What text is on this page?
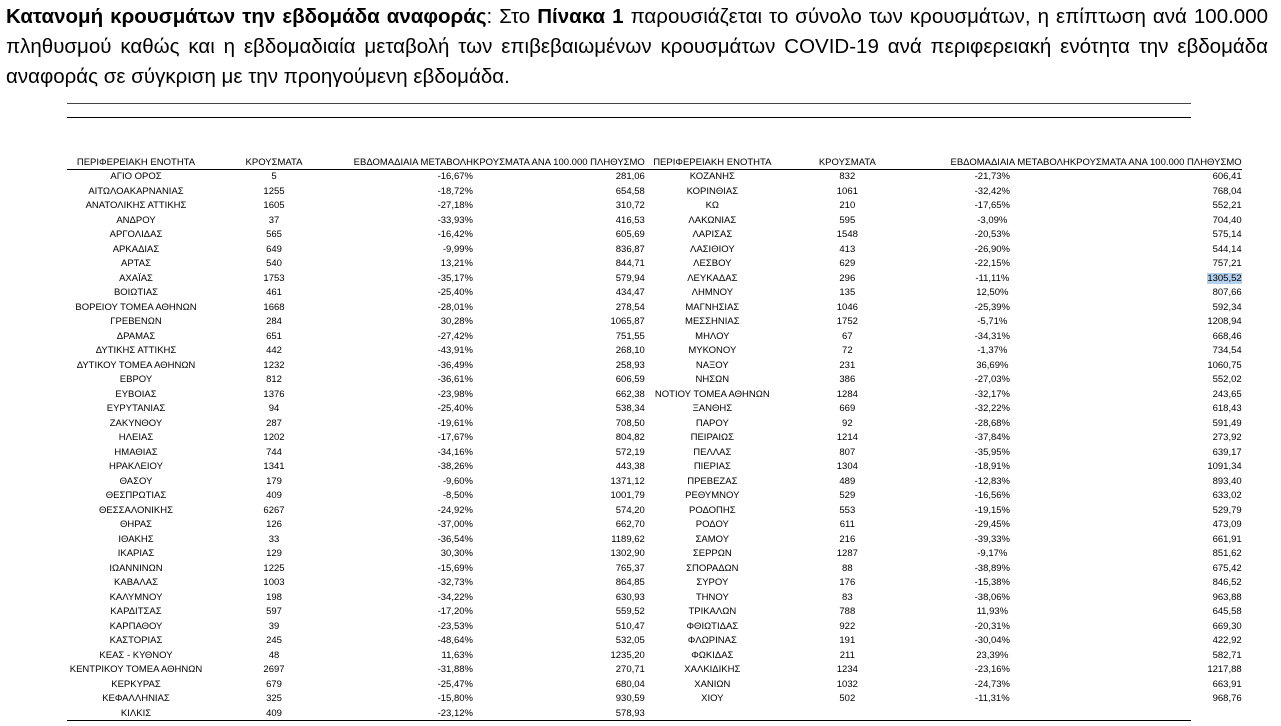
Κατανομή κρουσμάτων την εβδομάδα αναφοράς: Στο Πίνακα 1 παρουσιάζεται το σύνολο των κρουσμάτων, η επίπτωση ανά 100.000 πληθυσμού καθώς και η εβδομαδιαία μεταβολή των επιβεβαιωμένων κρουσμάτων COVID-19 ανά περιφερειακή ενότητα την εβδομάδα αναφοράς σε σύγκριση με την προηγούμενη εβδομάδα.
ΠΕΡΙΦΕΡΕΙΑΚΗ ΕΝΟΤΗΤΑ	ΚΡΟΥΣΜΑΤΑ	ΕΒΔΟΜΑΔΙΑΙΑ ΜΕΤΑΒΟΛΗ	ΚΡΟΥΣΜΑΤΑ ΑΝΑ 100.000 ΠΛΗΘΥΣΜΟ	ΠΕΡΙΦΕΡΕΙΑΚΗ ΕΝΟΤΗΤΑ	ΚΡΟΥΣΜΑΤΑ	ΕΒΔΟΜΑΔΙΑΙΑ ΜΕΤΑΒΟΛΗ	ΚΡΟΥΣΜΑΤΑ ΑΝΑ 100.000 ΠΛΗΘΥΣΜΟ
ΑΓΙΟ ΟΡΟΣ	5	-16,67%	281,06	ΚΟΖΑΝΗΣ	832	-21,73%	606,41
ΑΙΤΩΛΟΑΚΑΡΝΑΝΙΑΣ	1255	-18,72%	654,58	ΚΟΡΙΝΘΙΑΣ	1061	-32,42%	768,04
ΑΝΑΤΟΛΙΚΗΣ ΑΤΤΙΚΗΣ	1605	-27,18%	310,72	ΚΩ	210	-17,65%	552,21
ΑΝΔΡΟΥ	37	-33,93%	416,53	ΛΑΚΩΝΙΑΣ	595	-3,09%	704,40
ΑΡΓΟΛΙΔΑΣ	565	-16,42%	605,69	ΛΑΡΙΣΑΣ	1548	-20,53%	575,14
ΑΡΚΑΔΙΑΣ	649	-9,99%	836,87	ΛΑΣΙΘΙΟΥ	413	-26,90%	544,14
ΑΡΤΑΣ	540	13,21%	844,71	ΛΕΣΒΟΥ	629	-22,15%	757,21
ΑΧΑΪΑΣ	1753	-35,17%	579,94	ΛΕΥΚΑΔΑΣ	296	-11,11%	1305,52
ΒΟΙΩΤΙΑΣ	461	-25,40%	434,47	ΛΗΜΝΟΥ	135	12,50%	807,66
ΒΟΡΕΙΟΥ ΤΟΜΕΑ ΑΘΗΝΩΝ	1668	-28,01%	278,54	ΜΑΓΝΗΣΙΑΣ	1046	-25,39%	592,34
ΓΡΕΒΕΝΩΝ	284	30,28%	1065,87	ΜΕΣΣΗΝΙΑΣ	1752	-5,71%	1208,94
ΔΡΑΜΑΣ	651	-27,42%	751,55	ΜΗΛΟΥ	67	-34,31%	668,46
ΔΥΤΙΚΗΣ ΑΤΤΙΚΗΣ	442	-43,91%	268,10	ΜΥΚΟΝΟΥ	72	-1,37%	734,54
ΔΥΤΙΚΟΥ ΤΟΜΕΑ ΑΘΗΝΩΝ	1232	-36,49%	258,93	ΝΑΞΟΥ	231	36,69%	1060,75
ΕΒΡΟΥ	812	-36,61%	606,59	ΝΗΣΩΝ	386	-27,03%	552,02
ΕΥΒΟΙΑΣ	1376	-23,98%	662,38	ΝΟΤΙΟΥ ΤΟΜΕΑ ΑΘΗΝΩΝ	1284	-32,17%	243,65
ΕΥΡΥΤΑΝΙΑΣ	94	-25,40%	538,34	ΞΑΝΘΗΣ	669	-32,22%	618,43
ΖΑΚΥΝΘΟΥ	287	-19,61%	708,50	ΠΑΡΟΥ	92	-28,68%	591,49
ΗΛΕΙΑΣ	1202	-17,67%	804,82	ΠΕΙΡΑΙΩΣ	1214	-37,84%	273,92
ΗΜΑΘΙΑΣ	744	-34,16%	572,19	ΠΕΛΛΑΣ	807	-35,95%	639,17
ΗΡΑΚΛΕΙΟΥ	1341	-38,26%	443,38	ΠΙΕΡΙΑΣ	1304	-18,91%	1091,34
ΘΑΣΟΥ	179	-9,60%	1371,12	ΠΡΕΒΕΖΑΣ	489	-12,83%	893,40
ΘΕΣΠΡΩΤΙΑΣ	409	-8,50%	1001,79	ΡΕΘΥΜΝΟΥ	529	-16,56%	633,02
ΘΕΣΣΑΛΟΝΙΚΗΣ	6267	-24,92%	574,20	ΡΟΔΟΠΗΣ	553	-19,15%	529,79
ΘΗΡΑΣ	126	-37,00%	662,70	ΡΟΔΟΥ	611	-29,45%	473,09
ΙΘΑΚΗΣ	33	-36,54%	1189,62	ΣΑΜΟΥ	216	-39,33%	661,91
ΙΚΑΡΙΑΣ	129	30,30%	1302,90	ΣΕΡΡΩΝ	1287	-9,17%	851,62
ΙΩΑΝΝΙΝΩΝ	1225	-15,69%	765,37	ΣΠΟΡΑΔΩΝ	88	-38,89%	675,42
ΚΑΒΑΛΑΣ	1003	-32,73%	864,85	ΣΥΡΟΥ	176	-15,38%	846,52
ΚΑΛΥΜΝΟΥ	198	-34,22%	630,93	ΤΗΝΟΥ	83	-38,06%	963,88
ΚΑΡΔΙΤΣΑΣ	597	-17,20%	559,52	ΤΡΙΚΑΛΩΝ	788	11,93%	645,58
ΚΑΡΠΑΘΟΥ	39	-23,53%	510,47	ΦΘΙΩΤΙΔΑΣ	922	-20,31%	669,30
ΚΑΣΤΟΡΙΑΣ	245	-48,64%	532,05	ΦΛΩΡΙΝΑΣ	191	-30,04%	422,92
ΚΕΑΣ - ΚΥΘΝΟΥ	48	11,63%	1235,20	ΦΩΚΙΔΑΣ	211	23,39%	582,71
ΚΕΝΤΡΙΚΟΥ ΤΟΜΕΑ ΑΘΗΝΩΝ	2697	-31,88%	270,71	ΧΑΛΚΙΔΙΚΗΣ	1234	-23,16%	1217,88
ΚΕΡΚΥΡΑΣ	679	-25,47%	680,04	ΧΑΝΙΩΝ	1032	-24,73%	663,91
ΚΕΦΑΛΛΗΝΙΑΣ	325	-15,80%	930,59	ΧΙΟΥ	502	-11,31%	968,76
ΚΙΛΚΙΣ	409	-23,12%	578,93				
